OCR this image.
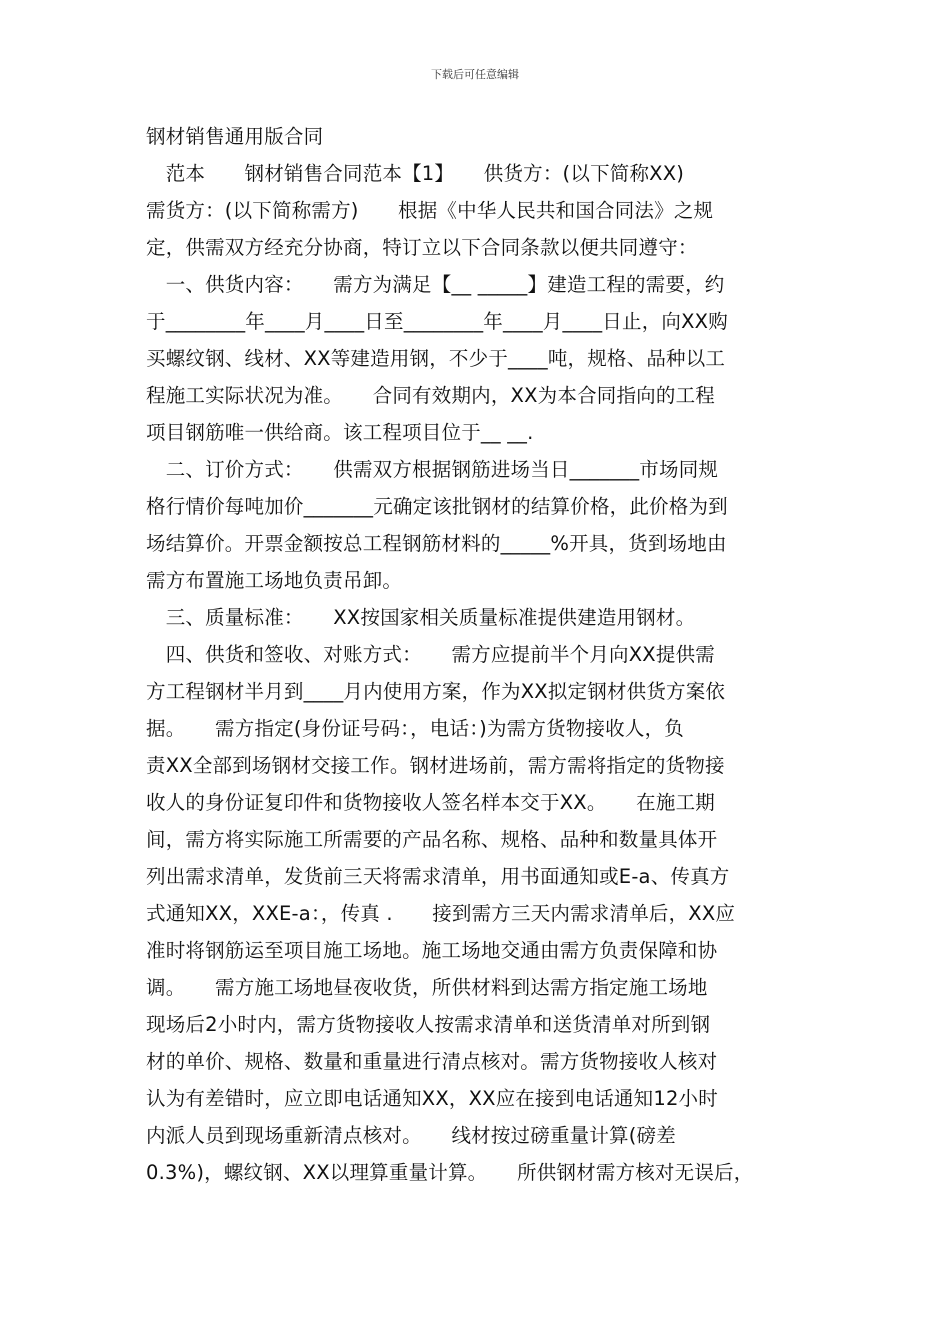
下载后可任意编辑
钢材销售通用版合同
　范本　　钢材销售合同范本【1】　　供货方：(以下简称XX)
需货方：(以下简称需方)　　根据《中华人民共和国合同法》之规
定，供需双方经充分协商，特订立以下合同条款以便共同遵守：
　一、供货内容：　　需方为满足【__ _____】建造工程的需要，约
于________年____月____日至________年____月____日止，向XX购
买螺纹钢、线材、XX等建造用钢，不少于____吨，规格、品种以工
程施工实际状况为准。　　合同有效期内，XX为本合同指向的工程
项目钢筋唯一供给商。该工程项目位于__ __.
　二、订价方式：　　供需双方根据钢筋进场当日_______市场同规
格行情价每吨加价_______元确定该批钢材的结算价格，此价格为到
场结算价。开票金额按总工程钢筋材料的_____%开具，货到场地由
需方布置施工场地负责吊卸。
　三、质量标准：　　XX按国家相关质量标准提供建造用钢材。
　四、供货和签收、对账方式：　　需方应提前半个月向XX提供需
方工程钢材半月到____月内使用方案，作为XX拟定钢材供货方案依
据。　　需方指定(身份证号码：，电话：)为需方货物接收人，负
责XX全部到场钢材交接工作。钢材进场前，需方需将指定的货物接
收人的身份证复印件和货物接收人签名样本交于XX。　　在施工期
间，需方将实际施工所需要的产品名称、规格、品种和数量具体开
列出需求清单，发货前三天将需求清单，用书面通知或E-a、传真方
式通知XX，XXE-a：，传真 .　　接到需方三天内需求清单后，XX应
准时将钢筋运至项目施工场地。施工场地交通由需方负责保障和协
调。　　需方施工场地昼夜收货，所供材料到达需方指定施工场地
现场后2小时内，需方货物接收人按需求清单和送货清单对所到钢
材的单价、规格、数量和重量进行清点核对。需方货物接收人核对
认为有差错时，应立即电话通知XX，XX应在接到电话通知12小时
内派人员到现场重新清点核对。　　线材按过磅重量计算(磅差
0.3%)，螺纹钢、XX以理算重量计算。　　所供钢材需方核对无误后，
